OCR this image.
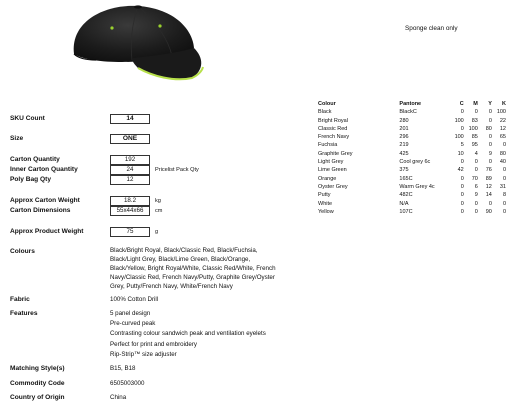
Sponge clean only
SKU Count	14
Size	ONE
Carton Quantity	192
Inner Carton Quantity	24	Pricelist Pack Qty
Poly Bag Qty	12
Approx Carton Weight	18.2	kg
Carton Dimensions	55x44x66	cm
Approx Product Weight	75	g
Colours	Black/Bright Royal, Black/Classic Red, Black/Fuchsia,
Black/Light Grey, Black/Lime Green, Black/Orange,
Black/Yellow, Bright Royal/White, Classic Red/White, French
Navy/Classic Red, French Navy/Putty, Graphite Grey/Oyster
Grey, Putty/French Navy, White/French Navy
Fabric	100% Cotton Drill
Features	5 panel design
Pre-curved peak
Contrasting colour sandwich peak and ventilation eyelets
Perfect for print and embroidery
Rip-Strip™ size adjuster
Matching Style(s)	B15, B18
Commodity Code	6505003000
Country of Origin	China
Colour	Pantone	C	M	Y	K
Black	BlackC	0	0	0	100
Bright Royal	280	100	83	0	22
Classic Red	201	0	100	80	12
French Navy	296	100	85	0	65
Fuchsia	219	5	95	0	0
Graphite Grey	425	10	4	9	80
Light Grey	Cool grey 6c	0	0	0	40
Lime Green	375	42	0	76	0
Orange	165C	0	70	89	0
Oyster Grey	Warm Grey 4c	0	6	12	31
Putty	482C	0	9	14	8
White	N/A	0	0	0	0
Yellow	107C	0	0	90	0
